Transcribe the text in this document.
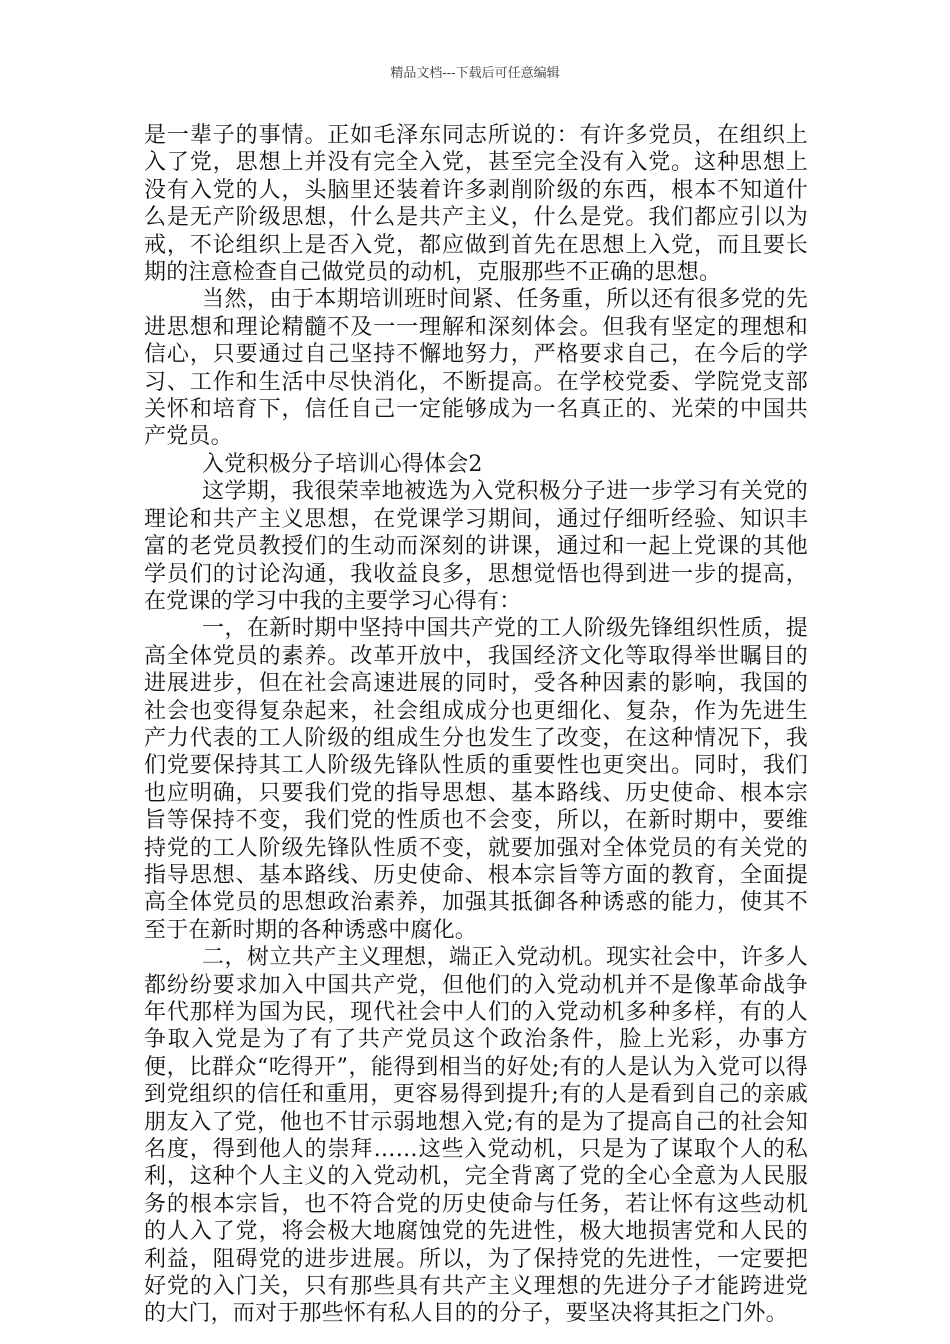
精品文档---下载后可任意编辑

是一辈子的事情。正如毛泽东同志所说的：有许多党员，在组织上入了党，思想上并没有完全入党，甚至完全没有入党。这种思想上没有入党的人，头脑里还装着许多剥削阶级的东西，根本不知道什么是无产阶级思想，什么是共产主义，什么是党。我们都应引以为戒，不论组织上是否入党，都应做到首先在思想上入党，而且要长期的注意检查自己做党员的动机，克服那些不正确的思想。

当然，由于本期培训班时间紧、任务重，所以还有很多党的先进思想和理论精髓不及一一理解和深刻体会。但我有坚定的理想和信心，只要通过自己坚持不懈地努力，严格要求自己，在今后的学习、工作和生活中尽快消化，不断提高。在学校党委、学院党支部关怀和培育下，信任自己一定能够成为一名真正的、光荣的中国共产党员。

入党积极分子培训心得体会2

这学期，我很荣幸地被选为入党积极分子进一步学习有关党的理论和共产主义思想，在党课学习期间，通过仔细听经验、知识丰富的老党员教授们的生动而深刻的讲课，通过和一起上党课的其他学员们的讨论沟通，我收益良多，思想觉悟也得到进一步的提高，在党课的学习中我的主要学习心得有：

一，在新时期中坚持中国共产党的工人阶级先锋组织性质，提高全体党员的素养。改革开放中，我国经济文化等取得举世瞩目的进展进步，但在社会高速进展的同时，受各种因素的影响，我国的社会也变得复杂起来，社会组成成分也更细化、复杂，作为先进生产力代表的工人阶级的组成生分也发生了改变，在这种情况下，我们党要保持其工人阶级先锋队性质的重要性也更突出。同时，我们也应明确，只要我们党的指导思想、基本路线、历史使命、根本宗旨等保持不变，我们党的性质也不会变，所以，在新时期中，要维持党的工人阶级先锋队性质不变，就要加强对全体党员的有关党的指导思想、基本路线、历史使命、根本宗旨等方面的教育，全面提高全体党员的思想政治素养，加强其抵御各种诱惑的能力，使其不至于在新时期的各种诱惑中腐化。

二，树立共产主义理想，端正入党动机。现实社会中，许多人都纷纷要求加入中国共产党，但他们的入党动机并不是像革命战争年代那样为国为民，现代社会中人们的入党动机多种多样，有的人争取入党是为了有了共产党员这个政治条件，脸上光彩，办事方便，比群众“吃得开”，能得到相当的好处;有的人是认为入党可以得到党组织的信任和重用，更容易得到提升;有的人是看到自己的亲戚朋友入了党，他也不甘示弱地想入党;有的是为了提高自己的社会知名度，得到他人的崇拜……这些入党动机，只是为了谋取个人的私利，这种个人主义的入党动机，完全背离了党的全心全意为人民服务的根本宗旨，也不符合党的历史使命与任务，若让怀有这些动机的人入了党，将会极大地腐蚀党的先进性，极大地损害党和人民的利益，阻碍党的进步进展。所以，为了保持党的先进性，一定要把好党的入门关，只有那些具有共产主义理想的先进分子才能跨进党的大门，而对于那些怀有私人目的的分子，要坚决将其拒之门外。
